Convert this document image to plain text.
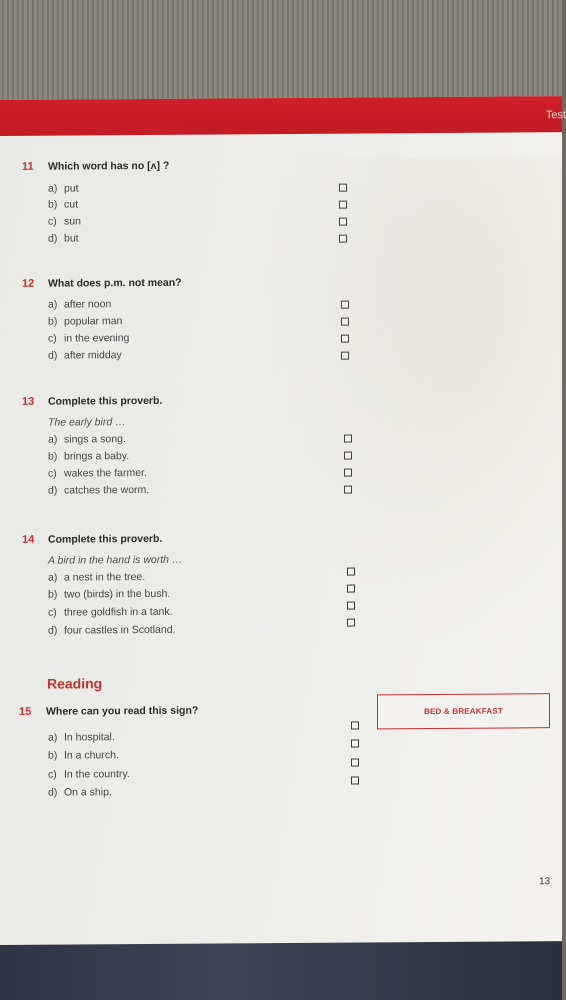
Test
11 Which word has no [ʌ] ?
a) put
b) cut
c) sun
d) but
12 What does p.m. not mean?
a) after noon
b) popular man
c) in the evening
d) after midday
13 Complete this proverb.
The early bird …
a) sings a song.
b) brings a baby.
c) wakes the farmer.
d) catches the worm.
14 Complete this proverb.
A bird in the hand is worth …
a) a nest in the tree.
b) two (birds) in the bush.
c) three goldfish in a tank.
d) four castles in Scotland.
Reading
15 Where can you read this sign?
a) In hospital.
b) In a church.
c) In the country.
d) On a ship.
BED & BREAKFAST
13
